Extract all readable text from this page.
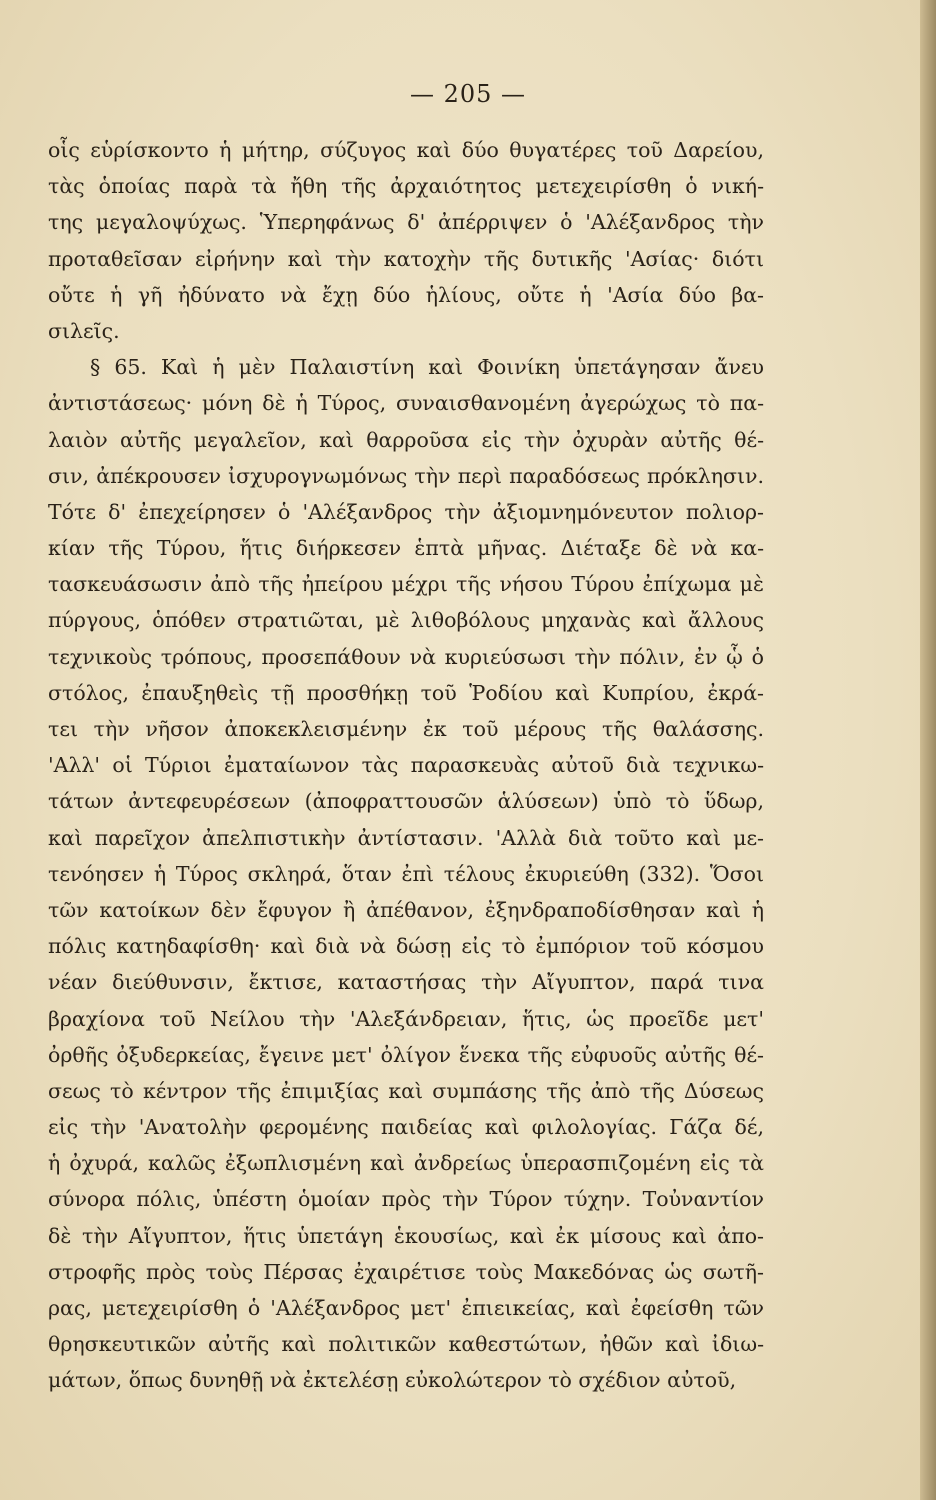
— 205 —
οἷς εὑρίσκοντο ἡ μήτηρ, σύζυγος καὶ δύο θυγατέρες τοῦ Δαρείου,
τὰς ὁποίας παρὰ τὰ ἤθη τῆς ἀρχαιότητος μετεχειρίσθη ὁ νική-
της μεγαλοψύχως. Ὑπερηφάνως δ' ἀπέρριψεν ὁ 'Αλέξανδρος τὴν
προταθεῖσαν εἰρήνην καὶ τὴν κατοχὴν τῆς δυτικῆς 'Ασίας· διότι
οὔτε ἡ γῆ ἠδύνατο νὰ ἔχῃ δύο ἡλίους, οὔτε ἡ 'Ασία δύο βα-
σιλεῖς.
§ 65. Καὶ ἡ μὲν Παλαιστίνη καὶ Φοινίκη ὑπετάγησαν ἄνευ
ἀντιστάσεως· μόνη δὲ ἡ Τύρος, συναισθανομένη ἀγερώχως τὸ πα-
λαιὸν αὐτῆς μεγαλεῖον, καὶ θαρροῦσα εἰς τὴν ὀχυρὰν αὐτῆς θέ-
σιν, ἀπέκρουσεν ἰσχυρογνωμόνως τὴν περὶ παραδόσεως πρόκλησιν.
Τότε δ' ἐπεχείρησεν ὁ 'Αλέξανδρος τὴν ἀξιομνημόνευτον πολιορ-
κίαν τῆς Τύρου, ἥτις διήρκεσεν ἑπτὰ μῆνας. Διέταξε δὲ νὰ κα-
τασκευάσωσιν ἀπὸ τῆς ἠπείρου μέχρι τῆς νήσου Τύρου ἐπίχωμα μὲ
πύργους, ὁπόθεν στρατιῶται, μὲ λιθοβόλους μηχανὰς καὶ ἄλλους
τεχνικοὺς τρόπους, προσεπάθουν νὰ κυριεύσωσι τὴν πόλιν, ἐν ᾧ ὁ
στόλος, ἐπαυξηθεὶς τῇ προσθήκῃ τοῦ Ῥοδίου καὶ Κυπρίου, ἐκρά-
τει τὴν νῆσον ἀποκεκλεισμένην ἐκ τοῦ μέρους τῆς θαλάσσης.
'Αλλ' οἱ Τύριοι ἐματαίωνον τὰς παρασκευὰς αὐτοῦ διὰ τεχνικω-
τάτων ἀντεφευρέσεων (ἀποφραττουσῶν ἁλύσεων) ὑπὸ τὸ ὕδωρ,
καὶ παρεῖχον ἀπελπιστικὴν ἀντίστασιν. 'Αλλὰ διὰ τοῦτο καὶ με-
τενόησεν ἡ Τύρος σκληρά, ὅταν ἐπὶ τέλους ἐκυριεύθη (332). Ὅσοι
τῶν κατοίκων δὲν ἔφυγον ἢ ἀπέθανον, ἐξηνδραποδίσθησαν καὶ ἡ
πόλις κατηδαφίσθη· καὶ διὰ νὰ δώσῃ εἰς τὸ ἐμπόριον τοῦ κόσμου
νέαν διεύθυνσιν, ἔκτισε, καταστήσας τὴν Αἴγυπτον, παρά τινα
βραχίονα τοῦ Νείλου τὴν 'Αλεξάνδρειαν, ἥτις, ὡς προεῖδε μετ'
ὀρθῆς ὀξυδερκείας, ἔγεινε μετ' ὀλίγον ἕνεκα τῆς εὐφυοῦς αὐτῆς θέ-
σεως τὸ κέντρον τῆς ἐπιμιξίας καὶ συμπάσης τῆς ἀπὸ τῆς Δύσεως
εἰς τὴν 'Ανατολὴν φερομένης παιδείας καὶ φιλολογίας. Γάζα δέ,
ἡ ὀχυρά, καλῶς ἐξωπλισμένη καὶ ἀνδρείως ὑπερασπιζομένη εἰς τὰ
σύνορα πόλις, ὑπέστη ὁμοίαν πρὸς τὴν Τύρον τύχην. Τοὐναντίον
δὲ τὴν Αἴγυπτον, ἥτις ὑπετάγη ἑκουσίως, καὶ ἐκ μίσους καὶ ἀπο-
στροφῆς πρὸς τοὺς Πέρσας ἐχαιρέτισε τοὺς Μακεδόνας ὡς σωτῆ-
ρας, μετεχειρίσθη ὁ 'Αλέξανδρος μετ' ἐπιεικείας, καὶ ἐφείσθη τῶν
θρησκευτικῶν αὐτῆς καὶ πολιτικῶν καθεστώτων, ἠθῶν καὶ ἰδιω-
μάτων, ὅπως δυνηθῇ νὰ ἐκτελέσῃ εὐκολώτερον τὸ σχέδιον αὐτοῦ,
